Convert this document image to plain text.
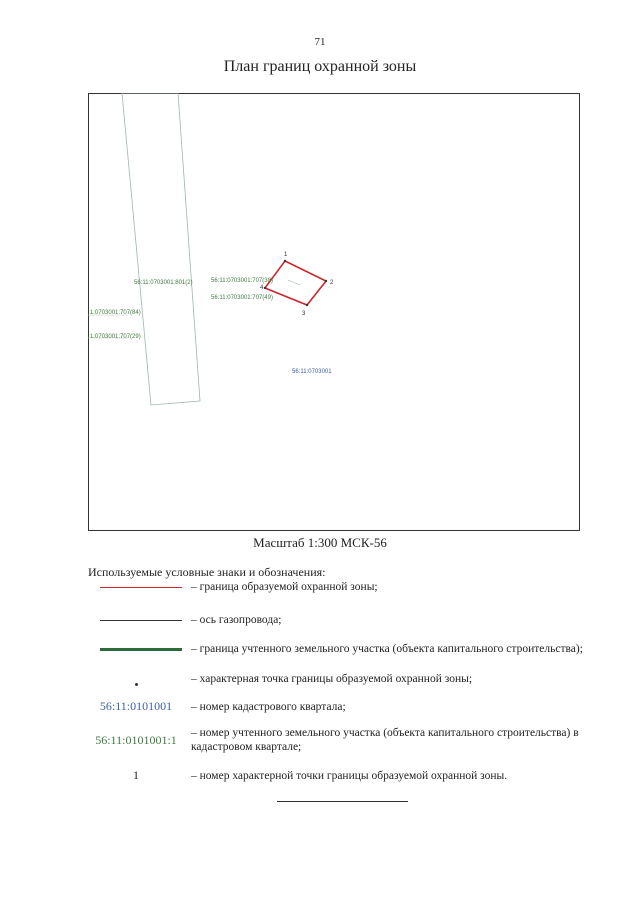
71
План границ охранной зоны
1
2
3
4
56:11:0703001:801(2)	56:11:0703001:707(38)
56:11:0703001:707(49)
1:0703001:707(84)
1:0703001:707(29)
56:11:0703001
Масштаб 1:300 МСК-56
Используемые условные знаки и обозначения:
– граница образуемой охранной зоны;
– ось газопровода;
– граница учтенного земельного участка (объекта капитального строительства);
– характерная точка границы образуемой охранной зоны;
56:11:0101001	– номер кадастрового квартала;
56:11:0101001:1	– номер учтенного земельного участка (объекта капитального строительства) в кадастровом квартале;
1	– номер характерной точки границы образуемой охранной зоны.
